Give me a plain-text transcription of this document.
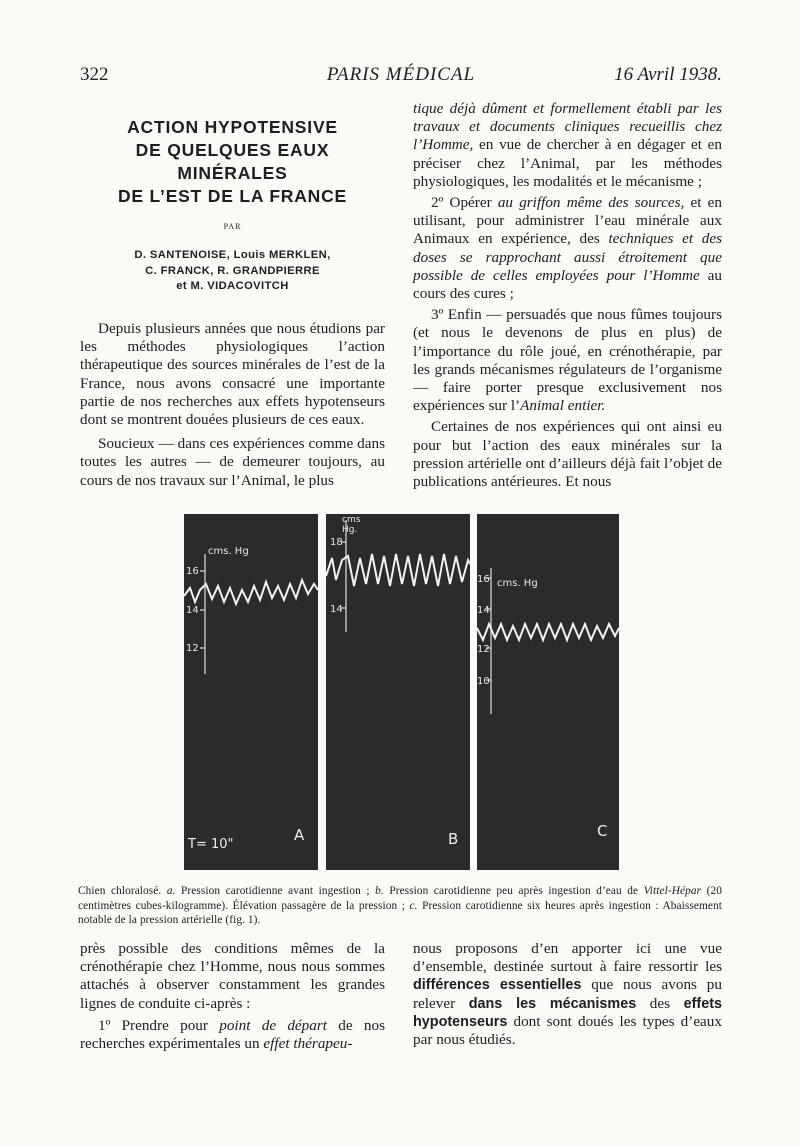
322	PARIS MÉDICAL	16 Avril 1938.
ACTION HYPOTENSIVE
DE QUELQUES EAUX
MINÉRALES
DE L’EST DE LA FRANCE
PAR
D. SANTENOISE, Louis MERKLEN,
C. FRANCK, R. GRANDPIERRE
et M. VIDACOVITCH

Depuis plusieurs années que nous étudions par les méthodes physiologiques l’action thérapeutique des sources minérales de l’est de la France, nous avons consacré une importante partie de nos recherches aux effets hypotenseurs dont se montrent douées plusieurs de ces eaux.

Soucieux — dans ces expériences comme dans toutes les autres — de demeurer toujours, au cours de nos travaux sur l’Animal, le plus

tique déjà dûment et formellement établi par les travaux et documents cliniques recueillis chez l’Homme, en vue de chercher à en dégager et en préciser chez l’Animal, par les méthodes physiologiques, les modalités et le mécanisme ;

2º Opérer au griffon même des sources, et en utilisant, pour administrer l’eau minérale aux Animaux en expérience, des techniques et des doses se rapprochant aussi étroitement que possible de celles employées pour l’Homme au cours des cures ;

3º Enfin — persuadés que nous fûmes toujours (et nous le devenons de plus en plus) de l’importance du rôle joué, en crénothérapie, par les grands mécanismes régulateurs de l’organisme — faire porter presque exclusivement nos expériences sur l’Animal entier.

Certaines de nos expériences qui ont ainsi eu pour but l’action des eaux minérales sur la pression artérielle ont d’ailleurs déjà fait l’objet de publications antérieures. Et nous

cms. Hg
16
14
12
A
T= 10"
cms
Hg.
18
14
B
cms. Hg
16
14
12
10
C
Chien chloralosé. a. Pression carotidienne avant ingestion ; b. Pression carotidienne peu après ingestion d’eau de Vittel-Hépar (20 centimètres cubes-kilogramme). Élévation passagère de la pression ; c. Pression carotidienne six heures après ingestion : Abaissement notable de la pression artérielle (fig. 1).

près possible des conditions mêmes de la crénothérapie chez l’Homme, nous nous sommes attachés à observer constamment les grandes lignes de conduite ci-après :

1º Prendre pour point de départ de nos recherches expérimentales un effet thérapeu-

nous proposons d’en apporter ici une vue d’ensemble, destinée surtout à faire ressortir les différences essentielles que nous avons pu relever dans les mécanismes des effets hypotenseurs dont sont doués les types d’eaux par nous étudiés.
